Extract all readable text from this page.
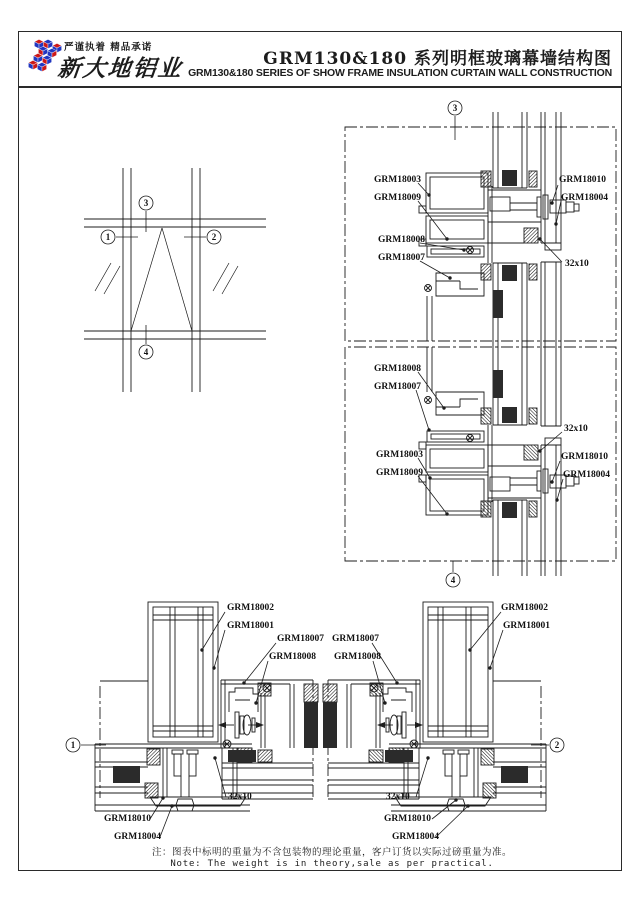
严谨执着 精品承诺
新大地铝业	GRM130&180 系列明框玻璃幕墙结构图
GRM130&180 SERIES OF SHOW FRAME INSULATION CURTAIN WALL CONSTRUCTION
1	2
3
4
3
4
1	2
GRM18003
GRM18009
GRM18008
GRM18007
GRM18010
GRM18004
32x10
GRM18008
GRM18007
32x10
GRM18003
GRM18009
GRM18010
GRM18004
GRM18002
GRM18001
GRM18007
GRM18008
32x10
GRM18010
GRM18004
GRM18007
GRM18008
GRM18002
GRM18001
32x10
GRM18010
GRM18004
注：图表中标明的重量为不含包装物的理论重量，客户订货以实际过磅重量为准。
Note: The weight is in theory,sale as per practical.
